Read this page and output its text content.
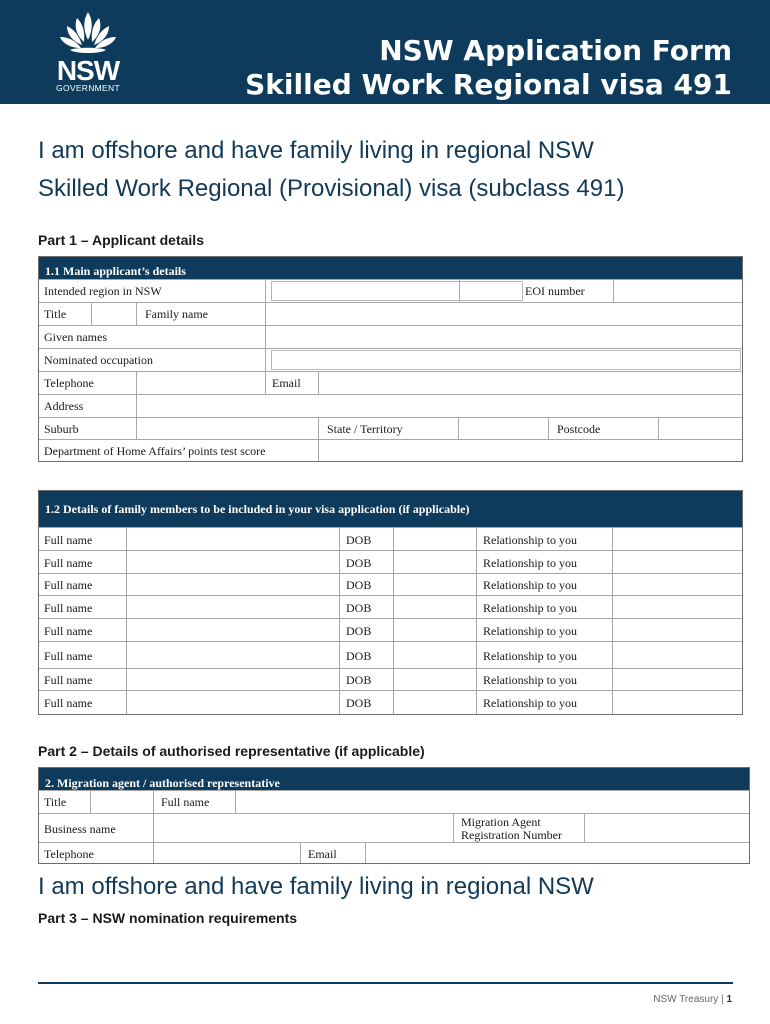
NSW
GOVERNMENT
NSW Application Form
Skilled Work Regional visa 491
I am offshore and have family living in regional NSW
Skilled Work Regional (Provisional) visa (subclass 491)
Part 1 – Applicant details
1.1 Main applicant’s details
Intended region in NSW	EOI number
Title	Family name
Given names
Nominated occupation
Telephone	Email
Address
Suburb	State / Territory	Postcode
Department of Home Affairs’ points test score
1.2 Details of family members to be included in your visa application (if applicable)
Full name	DOB	Relationship to you
Full name	DOB	Relationship to you
Full name	DOB	Relationship to you
Full name	DOB	Relationship to you
Full name	DOB	Relationship to you
Full name	DOB	Relationship to you
Full name	DOB	Relationship to you
Full name	DOB	Relationship to you
Part 2 – Details of authorised representative (if applicable)
2. Migration agent / authorised representative
Title	Full name
Business name	Migration Agent
Registration Number
Telephone	Email
I am offshore and have family living in regional NSW
Part 3 – NSW nomination requirements
NSW Treasury | 1
